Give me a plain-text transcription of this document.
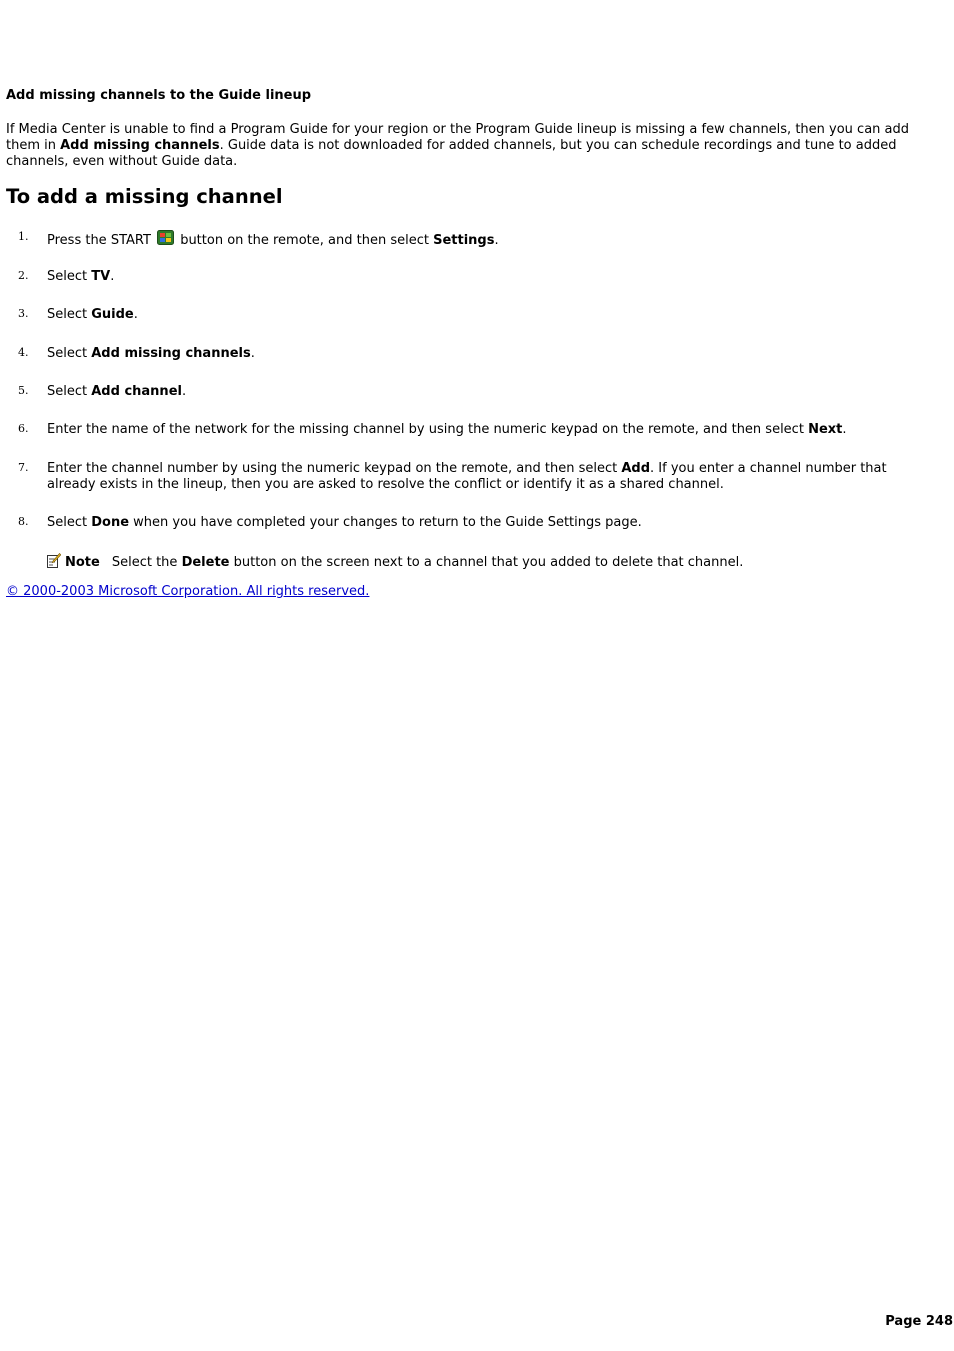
Add missing channels to the Guide lineup

If Media Center is unable to find a Program Guide for your region or the Program Guide lineup is missing a few channels, then you can add them in Add missing channels. Guide data is not downloaded for added channels, but you can schedule recordings and tune to added channels, even without Guide data.

To add a missing channel
1. Press the START  button on the remote, and then select Settings.
2. Select TV.
3. Select Guide.
4. Select Add missing channels.
5. Select Add channel.
6. Enter the name of the network for the missing channel by using the numeric keypad on the remote, and then select Next.
7. Enter the channel number by using the numeric keypad on the remote, and then select Add. If you enter a channel number that already exists in the lineup, then you are asked to resolve the conflict or identify it as a shared channel.
8. Select Done when you have completed your changes to return to the Guide Settings page.
Note Select the Delete button on the screen next to a channel that you added to delete that channel.
© 2000-2003 Microsoft Corporation. All rights reserved.
Page 248
